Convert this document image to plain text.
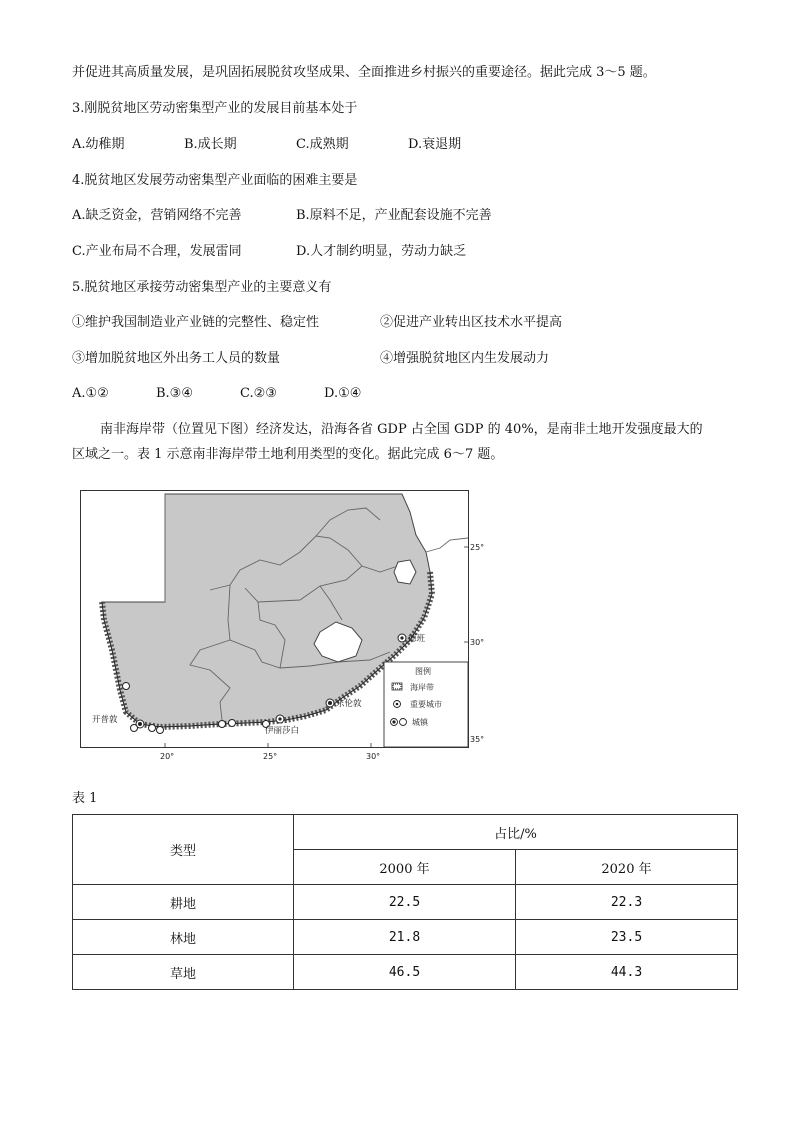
并促进其高质量发展，是巩固拓展脱贫攻坚成果、全面推进乡村振兴的重要途径。据此完成 3～5 题。
3.刚脱贫地区劳动密集型产业的发展目前基本处于
A.幼稚期	B.成长期	C.成熟期	D.衰退期
4.脱贫地区发展劳动密集型产业面临的困难主要是
A.缺乏资金，营销网络不完善	B.原料不足，产业配套设施不完善
C.产业布局不合理，发展雷同	D.人才制约明显，劳动力缺乏
5.脱贫地区承接劳动密集型产业的主要意义有
①维护我国制造业产业链的完整性、稳定性	②促进产业转出区技术水平提高
③增加脱贫地区外出务工人员的数量	④增强脱贫地区内生发展动力
A.①②	B.③④	C.②③	D.①④
南非海岸带（位置见下图）经济发达，沿海各省 GDP 占全国 GDP 的 40%，是南非土地开发强度最大的
区域之一。表 1 示意南非海岸带土地利用类型的变化。据此完成 6～7 题。
德班
东伦敦
伊丽莎白
开普敦
25°
30°
35°
20°	25°	30°
图例
海岸带
重要城市
城镇
表 1
类型	占比/%	
	2000 年	2020 年
耕地	22.5	22.3
林地	21.8	23.5
草地	46.5	44.3
